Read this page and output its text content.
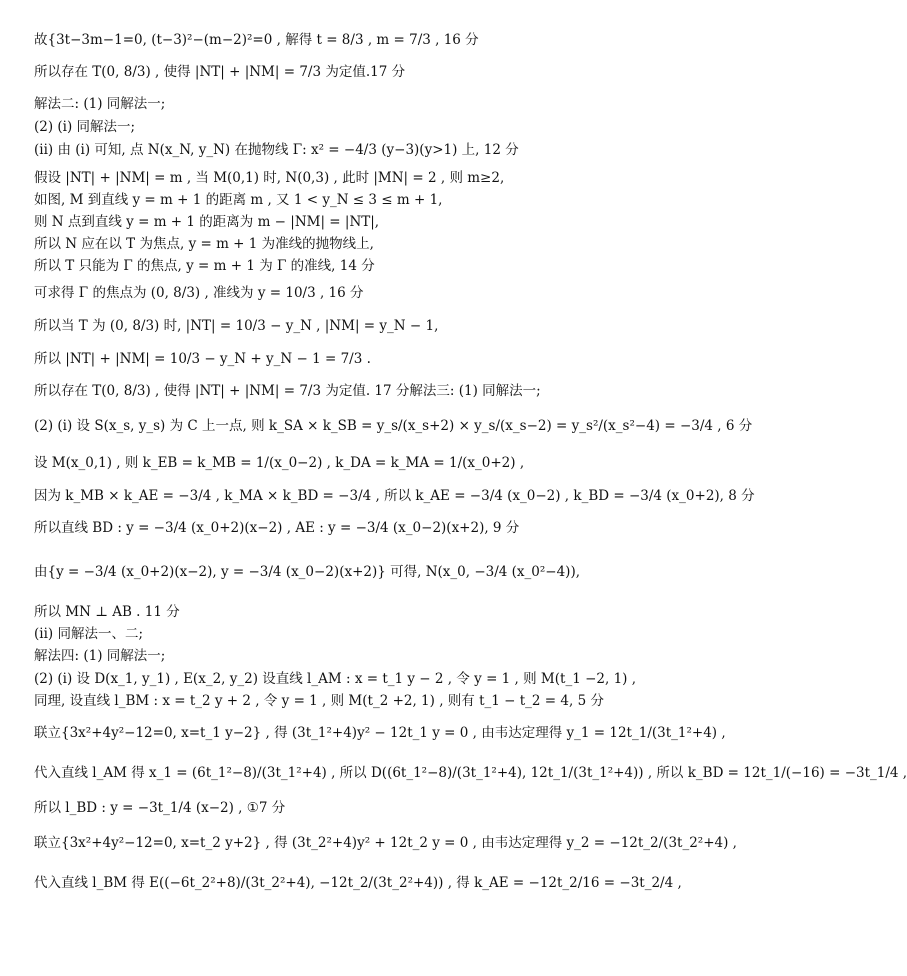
故{3t−3m−1=0, (t−3)²−(m−2)²=0 , 解得 t = 8/3 , m = 7/3 , 16 分
所以存在 T(0, 8/3) , 使得 |NT| + |NM| = 7/3 为定值.17 分
解法二: (1) 同解法一;
(2) (i) 同解法一;
(ii) 由 (i) 可知, 点 N(x_N, y_N) 在抛物线 Γ: x² = −4/3 (y−3)(y>1) 上, 12 分
假设 |NT| + |NM| = m , 当 M(0,1) 时, N(0,3) , 此时 |MN| = 2 , 则 m≥2,
如图, M 到直线 y = m + 1 的距离 m , 又 1 < y_N ≤ 3 ≤ m + 1,
则 N 点到直线 y = m + 1 的距离为 m − |NM| = |NT|,
所以 N 应在以 T 为焦点, y = m + 1 为准线的抛物线上,
所以 T 只能为 Γ 的焦点, y = m + 1 为 Γ 的准线, 14 分
可求得 Γ 的焦点为 (0, 8/3) , 准线为 y = 10/3 , 16 分
所以当 T 为 (0, 8/3) 时, |NT| = 10/3 − y_N , |NM| = y_N − 1,
所以 |NT| + |NM| = 10/3 − y_N + y_N − 1 = 7/3 .
所以存在 T(0, 8/3) , 使得 |NT| + |NM| = 7/3 为定值. 17 分解法三: (1) 同解法一;
(2) (i) 设 S(x_s, y_s) 为 C 上一点, 则 k_SA × k_SB = y_s/(x_s+2) × y_s/(x_s−2) = y_s²/(x_s²−4) = −3/4 , 6 分
设 M(x_0,1) , 则 k_EB = k_MB = 1/(x_0−2) , k_DA = k_MA = 1/(x_0+2) ,
因为 k_MB × k_AE = −3/4 , k_MA × k_BD = −3/4 , 所以 k_AE = −3/4 (x_0−2) , k_BD = −3/4 (x_0+2), 8 分
所以直线 BD : y = −3/4 (x_0+2)(x−2) , AE : y = −3/4 (x_0−2)(x+2), 9 分
由{y = −3/4 (x_0+2)(x−2), y = −3/4 (x_0−2)(x+2)} 可得, N(x_0, −3/4 (x_0²−4)),
所以 MN ⊥ AB . 11 分
(ii) 同解法一、二;
解法四: (1) 同解法一;
(2) (i) 设 D(x_1, y_1) , E(x_2, y_2) 设直线 l_AM : x = t_1 y − 2 , 令 y = 1 , 则 M(t_1 −2, 1) ,
同理, 设直线 l_BM : x = t_2 y + 2 , 令 y = 1 , 则 M(t_2 +2, 1) , 则有 t_1 − t_2 = 4, 5 分
联立{3x²+4y²−12=0, x=t_1 y−2} , 得 (3t_1²+4)y² − 12t_1 y = 0 , 由韦达定理得 y_1 = 12t_1/(3t_1²+4) ,
代入直线 l_AM 得 x_1 = (6t_1²−8)/(3t_1²+4) , 所以 D((6t_1²−8)/(3t_1²+4), 12t_1/(3t_1²+4)) , 所以 k_BD = 12t_1/(−16) = −3t_1/4 ,
所以 l_BD : y = −3t_1/4 (x−2) , ①7 分
联立{3x²+4y²−12=0, x=t_2 y+2} , 得 (3t_2²+4)y² + 12t_2 y = 0 , 由韦达定理得 y_2 = −12t_2/(3t_2²+4) ,
代入直线 l_BM 得 E((−6t_2²+8)/(3t_2²+4), −12t_2/(3t_2²+4)) , 得 k_AE = −12t_2/16 = −3t_2/4 ,
